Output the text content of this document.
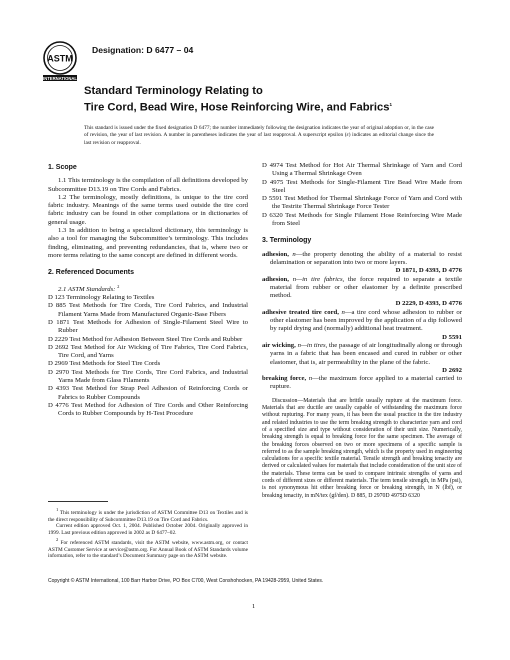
ASTM
INTERNATIONAL
Designation: D 6477 – 04
Standard Terminology Relating to
Tire Cord, Bead Wire, Hose Reinforcing Wire, and Fabrics$^1$
This standard is issued under the fixed designation D 6477; the number immediately following the designation indicates the year of original adoption or, in the case of revision, the year of last revision. A number in parentheses indicates the year of last reapproval. A superscript epsilon (ε) indicates an editorial change since the last revision or reapproval.
1. Scope
1.1 This terminology is the compilation of all definitions developed by Subcommittee D13.19 on Tire Cords and Fabrics.
1.2 The terminology, mostly definitions, is unique to the tire cord fabric industry. Meanings of the same terms used outside the tire cord fabric industry can be found in other compilations or in dictionaries of general usage.
1.3 In addition to being a specialized dictionary, this terminology is also a tool for managing the Subcommittee’s terminology. This includes finding, eliminating, and preventing redundancies, that is, where two or more terms relating to the same concept are defined in different words.
2. Referenced Documents
2.1 ASTM Standards: $^2$
D 123 Terminology Relating to Textiles
D 885 Test Methods for Tire Cords, Tire Cord Fabrics, and Industrial Filament Yarns Made from Manufactured Organic-Base Fibers
D 1871 Test Methods for Adhesion of Single-Filament Steel Wire to Rubber
D 2229 Test Method for Adhesion Between Steel Tire Cords and Rubber
D 2692 Test Method for Air Wicking of Tire Fabrics, Tire Cord Fabrics, Tire Cord, and Yarns
D 2969 Test Methods for Steel Tire Cords
D 2970 Test Methods for Tire Cords, Tire Cord Fabrics, and Industrial Yarns Made from Glass Filaments
D 4393 Test Method for Strap Peel Adhesion of Reinforcing Cords or Fabrics to Rubber Compounds
D 4776 Test Method for Adhesion of Tire Cords and Other Reinforcing Cords to Rubber Compounds by H-Test Procedure
D 4974 Test Method for Hot Air Thermal Shrinkage of Yarn and Cord Using a Thermal Shrinkage Oven
D 4975 Test Methods for Single-Filament Tire Bead Wire Made from Steel
D 5591 Test Method for Thermal Shrinkage Force of Yarn and Cord with the Testrite Thermal Shrinkage Force Tester
D 6320 Test Methods for Single Filament Hose Reinforcing Wire Made from Steel
3. Terminology
adhesion, n—the property denoting the ability of a material to resist delamination or separation into two or more layers.
D 1871, D 4393, D 4776
adhesion, n—in tire fabrics, the force required to separate a textile material from rubber or other elastomer by a definite prescribed method.
D 2229, D 4393, D 4776
adhesive treated tire cord, n—a tire cord whose adhesion to rubber or other elastomer has been improved by the application of a dip followed by rapid drying and (normally) additional heat treatment.
D 5591
air wicking, n—in tires, the passage of air longitudinally along or through yarns in a fabric that has been encased and cured in rubber or other elastomer, that is, air permeability in the plane of the fabric.
D 2692
breaking force, n—the maximum force applied to a material carried to rupture.
Discussion—Materials that are brittle usually rupture at the maximum force. Materials that are ductile are usually capable of withstanding the maximum force without rupturing. For many years, it has been the usual practice in the tire industry and related industries to use the term breaking strength to characterize yarn and cord of a specified size and type without consideration of their unit size. Numerically, breaking strength is equal to breaking force for the same specimen. The average of the breaking forces observed on two or more specimens of a specific sample is referred to as the sample breaking strength, which is the property used in engineering calculations for a specific textile material. Tensile strength and breaking tenacity are derived or calculated values for materials that include consideration of the unit size of the materials. These terms can be used to compare intrinsic strengths of yarns and cords of different sizes or different materials. The term tensile strength, in MPa (psi), is not synonymous hit either breaking force or breaking strength, in N (lbf), or breaking tenacity, in mN/tex (gf/den). D 885, D 2970D 4975D 6320
$^1$ This terminology is under the jurisdiction of ASTM Committee D13 on Textiles and is the direct responsibility of Subcommittee D13.19 on Tire Cord and Fabrics.
Current edition approved Oct. 1, 2004. Published October 2004. Originally approved in 1999. Last previous edition approved in 2002 as D 6477–02.
$^2$ For referenced ASTM standards, visit the ASTM website, www.astm.org, or contact ASTM Customer Service at service@astm.org. For Annual Book of ASTM Standards volume information, refer to the standard’s Document Summary page on the ASTM website.
Copyright © ASTM International, 100 Barr Harbor Drive, PO Box C700, West Conshohocken, PA 19428-2959, United States.
1
